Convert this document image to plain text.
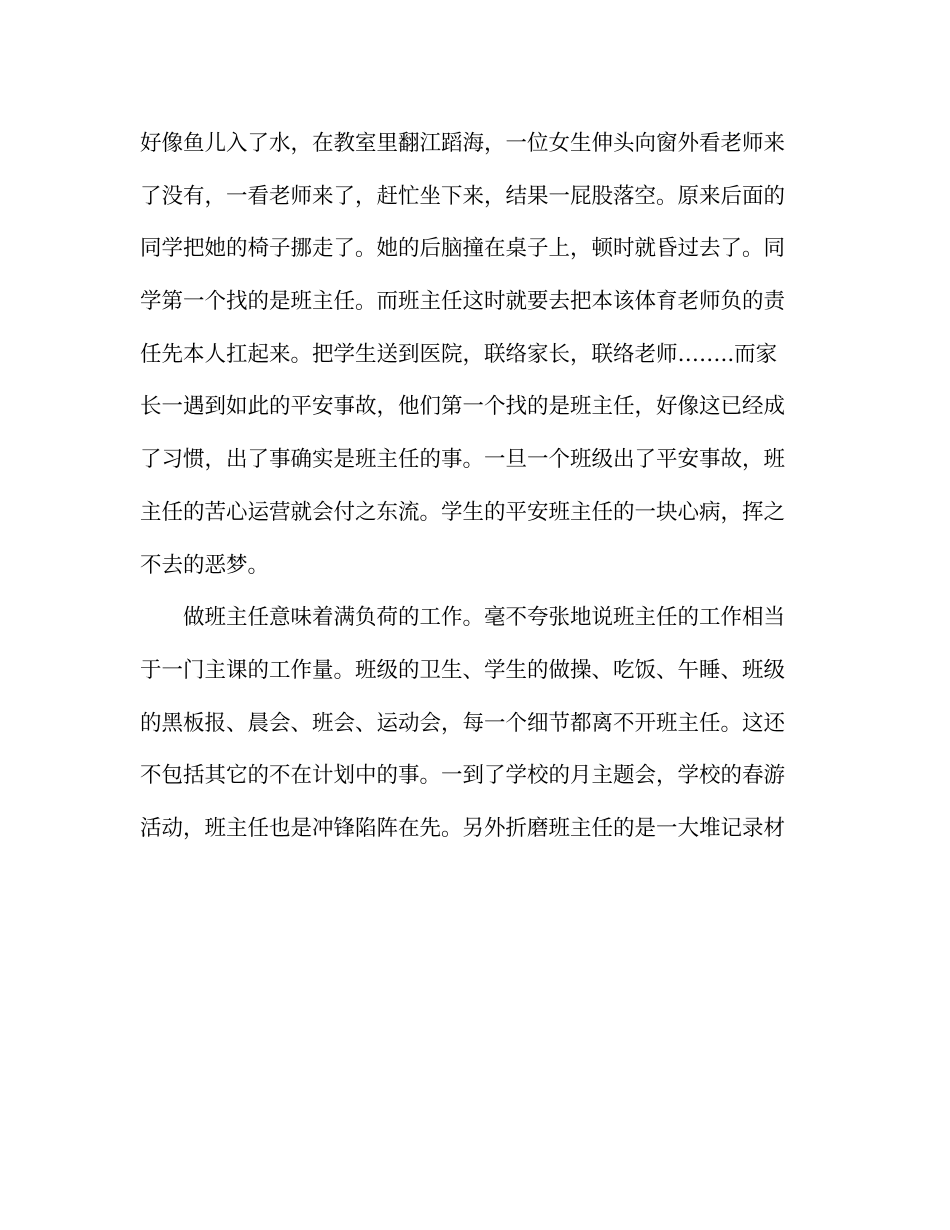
好像鱼儿入了水，在教室里翻江蹈海，一位女生伸头向窗外看老师来
了没有，一看老师来了，赶忙坐下来，结果一屁股落空。原来后面的
同学把她的椅子挪走了。她的后脑撞在桌子上，顿时就昏过去了。同
学第一个找的是班主任。而班主任这时就要去把本该体育老师负的责
任先本人扛起来。把学生送到医院，联络家长，联络老师……..而家
长一遇到如此的平安事故，他们第一个找的是班主任，好像这已经成
了习惯，出了事确实是班主任的事。一旦一个班级出了平安事故，班
主任的苦心运营就会付之东流。学生的平安班主任的一块心病，挥之
不去的恶梦。
做班主任意味着满负荷的工作。毫不夸张地说班主任的工作相当
于一门主课的工作量。班级的卫生、学生的做操、吃饭、午睡、班级
的黑板报、晨会、班会、运动会，每一个细节都离不开班主任。这还
不包括其它的不在计划中的事。一到了学校的月主题会，学校的春游
活动，班主任也是冲锋陷阵在先。另外折磨班主任的是一大堆记录材
